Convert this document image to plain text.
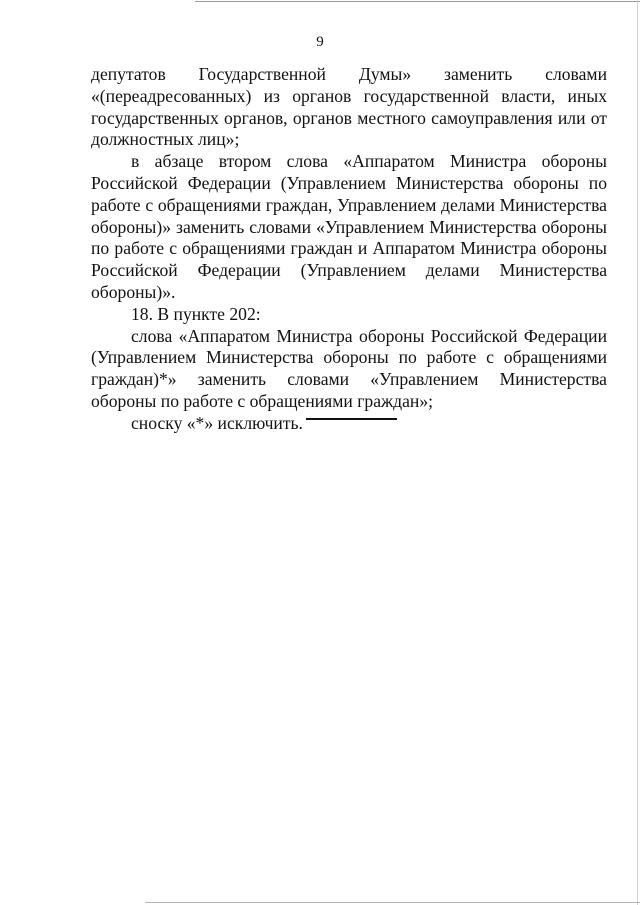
9

депутатов Государственной Думы» заменить словами «(переадресованных) из органов государственной власти, иных государственных органов, органов местного самоуправления или от должностных лиц»;

в абзаце втором слова «Аппаратом Министра обороны Российской Федерации (Управлением Министерства обороны по работе с обращениями граждан, Управлением делами Министерства обороны)» заменить словами «Управлением Министерства обороны по работе с обращениями граждан и Аппаратом Министра обороны Российской Федерации (Управлением делами Министерства обороны)».

18. В пункте 202:

слова «Аппаратом Министра обороны Российской Федерации (Управлением Министерства обороны по работе с обращениями граждан)*» заменить словами «Управлением Министерства обороны по работе с обращениями граждан»;

сноску «*» исключить.
